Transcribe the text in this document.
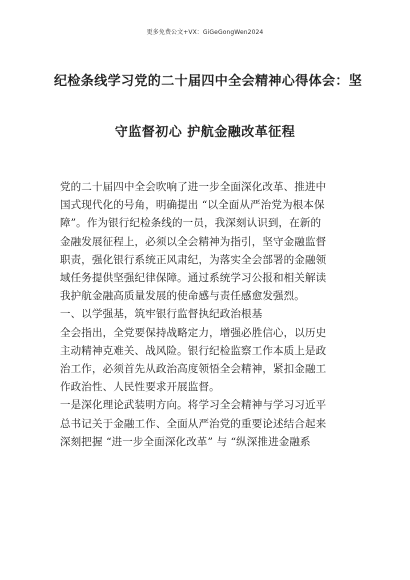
更多免费公文+VX：GiGeGongWen2024
纪检条线学习党的二十届四中全会精神心得体会：坚
守监督初心 护航金融改革征程
党的二十届四中全会吹响了进一步全面深化改革、推进中
国式现代化的号角，明确提出 “以全面从严治党为根本保
障”。作为银行纪检条线的一员，我深刻认识到，在新的
金融发展征程上，必须以全会精神为指引，坚守金融监督
职责，强化银行系统正风肃纪，为落实全会部署的金融领
域任务提供坚强纪律保障。通过系统学习公报和相关解读
我护航金融高质量发展的使命感与责任感愈发强烈。
一、以学强基，筑牢银行监督执纪政治根基
全会指出，全党要保持战略定力，增强必胜信心，以历史
主动精神克难关、战风险。银行纪检监察工作本质上是政
治工作，必须首先从政治高度领悟全会精神，紧扣金融工
作政治性、人民性要求开展监督。
一是深化理论武装明方向。将学习全会精神与学习习近平
总书记关于金融工作、全面从严治党的重要论述结合起来
深刻把握 “进一步全面深化改革” 与 “纵深推进金融系
